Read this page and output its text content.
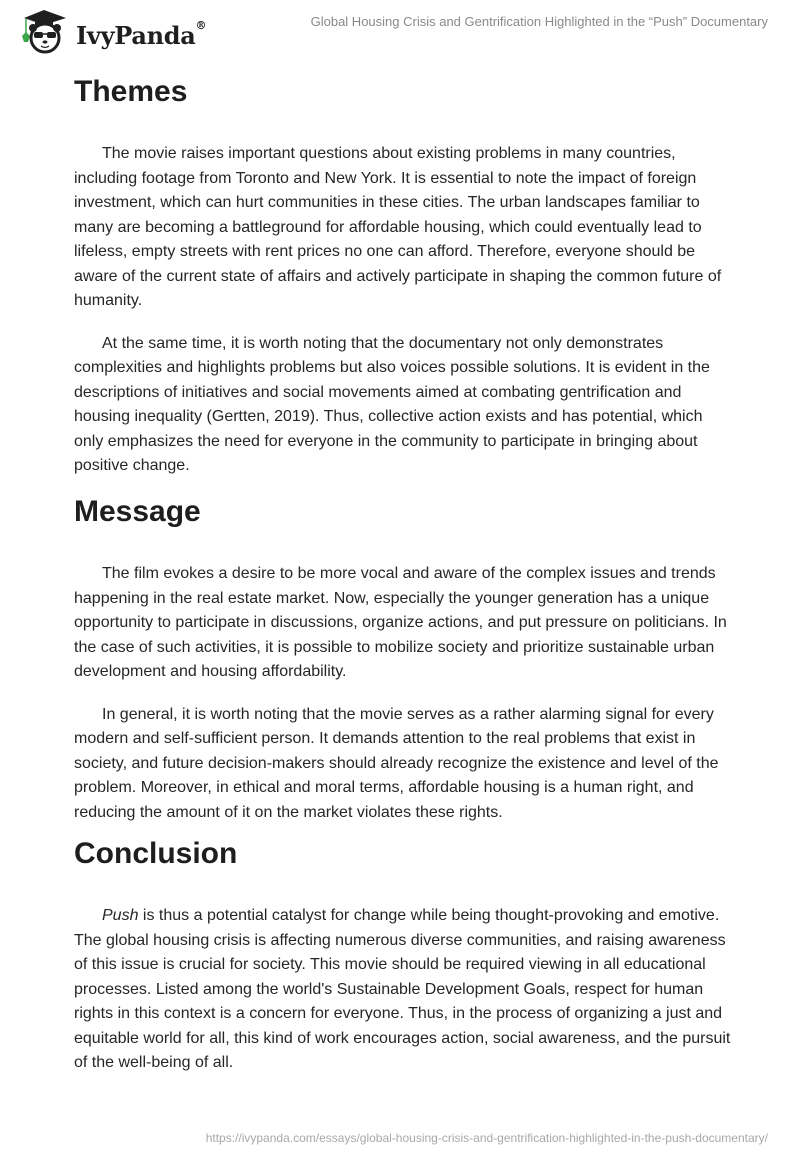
IvyPanda®	Global Housing Crisis and Gentrification Highlighted in the “Push” Documentary
Themes

The movie raises important questions about existing problems in many countries, including footage from Toronto and New York. It is essential to note the impact of foreign investment, which can hurt communities in these cities. The urban landscapes familiar to many are becoming a battleground for affordable housing, which could eventually lead to lifeless, empty streets with rent prices no one can afford. Therefore, everyone should be aware of the current state of affairs and actively participate in shaping the common future of humanity.

At the same time, it is worth noting that the documentary not only demonstrates complexities and highlights problems but also voices possible solutions. It is evident in the descriptions of initiatives and social movements aimed at combating gentrification and housing inequality (Gertten, 2019). Thus, collective action exists and has potential, which only emphasizes the need for everyone in the community to participate in bringing about positive change.

Message

The film evokes a desire to be more vocal and aware of the complex issues and trends happening in the real estate market. Now, especially the younger generation has a unique opportunity to participate in discussions, organize actions, and put pressure on politicians. In the case of such activities, it is possible to mobilize society and prioritize sustainable urban development and housing affordability.

In general, it is worth noting that the movie serves as a rather alarming signal for every modern and self-sufficient person. It demands attention to the real problems that exist in society, and future decision-makers should already recognize the existence and level of the problem. Moreover, in ethical and moral terms, affordable housing is a human right, and reducing the amount of it on the market violates these rights.

Conclusion

Push is thus a potential catalyst for change while being thought-provoking and emotive. The global housing crisis is affecting numerous diverse communities, and raising awareness of this issue is crucial for society. This movie should be required viewing in all educational processes. Listed among the world's Sustainable Development Goals, respect for human rights in this context is a concern for everyone. Thus, in the process of organizing a just and equitable world for all, this kind of work encourages action, social awareness, and the pursuit of the well-being of all.

https://ivypanda.com/essays/global-housing-crisis-and-gentrification-highlighted-in-the-push-documentary/
